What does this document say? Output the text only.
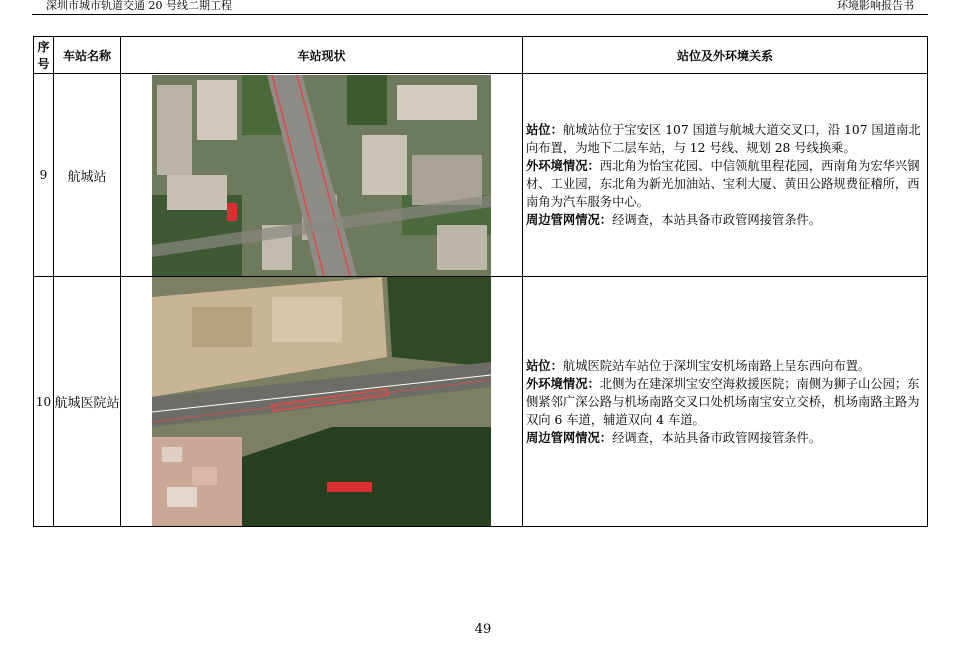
深圳市城市轨道交通 20 号线二期工程	环境影响报告书
序号	车站名称	车站现状	站位及外环境关系
9	航城站		站位：航城站位于宝安区 107 国道与航城大道交叉口，沿 107 国道南北向布置，为地下二层车站，与 12 号线、规划 28 号线换乘。

外环境情况：西北角为怡宝花园、中信领航里程花园，西南角为宏华兴钢材、工业园，东北角为新光加油站、宝利大厦、黄田公路规费征稽所，西南角为汽车服务中心。

周边管网情况：经调查，本站具备市政管网接管条件。

10	航城医院站		站位：航城医院站车站位于深圳宝安机场南路上呈东西向布置。

外环境情况：北侧为在建深圳宝安空海救援医院；南侧为狮子山公园；东侧紧邻广深公路与机场南路交叉口处机场南宝安立交桥，机场南路主路为双向 6 车道，辅道双向 4 车道。

周边管网情况：经调查，本站具备市政管网接管条件。

49
